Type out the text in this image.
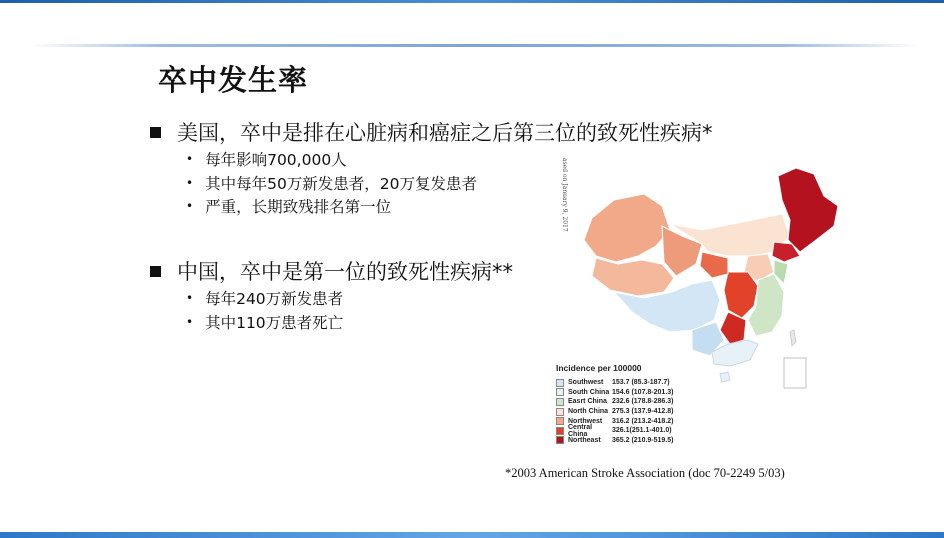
卒中发生率
美国，卒中是排在心脏病和癌症之后第三位的致死性疾病*
• 每年影响700,000人
• 其中每年50万新发患者，20万复发患者
• 严重，长期致残排名第一位
中国，卒中是第一位的致死性疾病**
• 每年240万新发患者
• 其中110万患者死亡
ased on January 9, 2017
Incidence per 100000
Southwest	153.7 (85.3-187.7)
South China 154.6 (107.8-201.3)
Easrt China 232.6 (178.8-286.3)
North China 275.3 (137.9-412.8)
Northwest	316.2 (213.2-418.2)
Central China	326.1(251.1-401.0)
Northeast	365.2 (210.9-519.5)
*2003 American Stroke Association (doc 70-2249 5/03)
